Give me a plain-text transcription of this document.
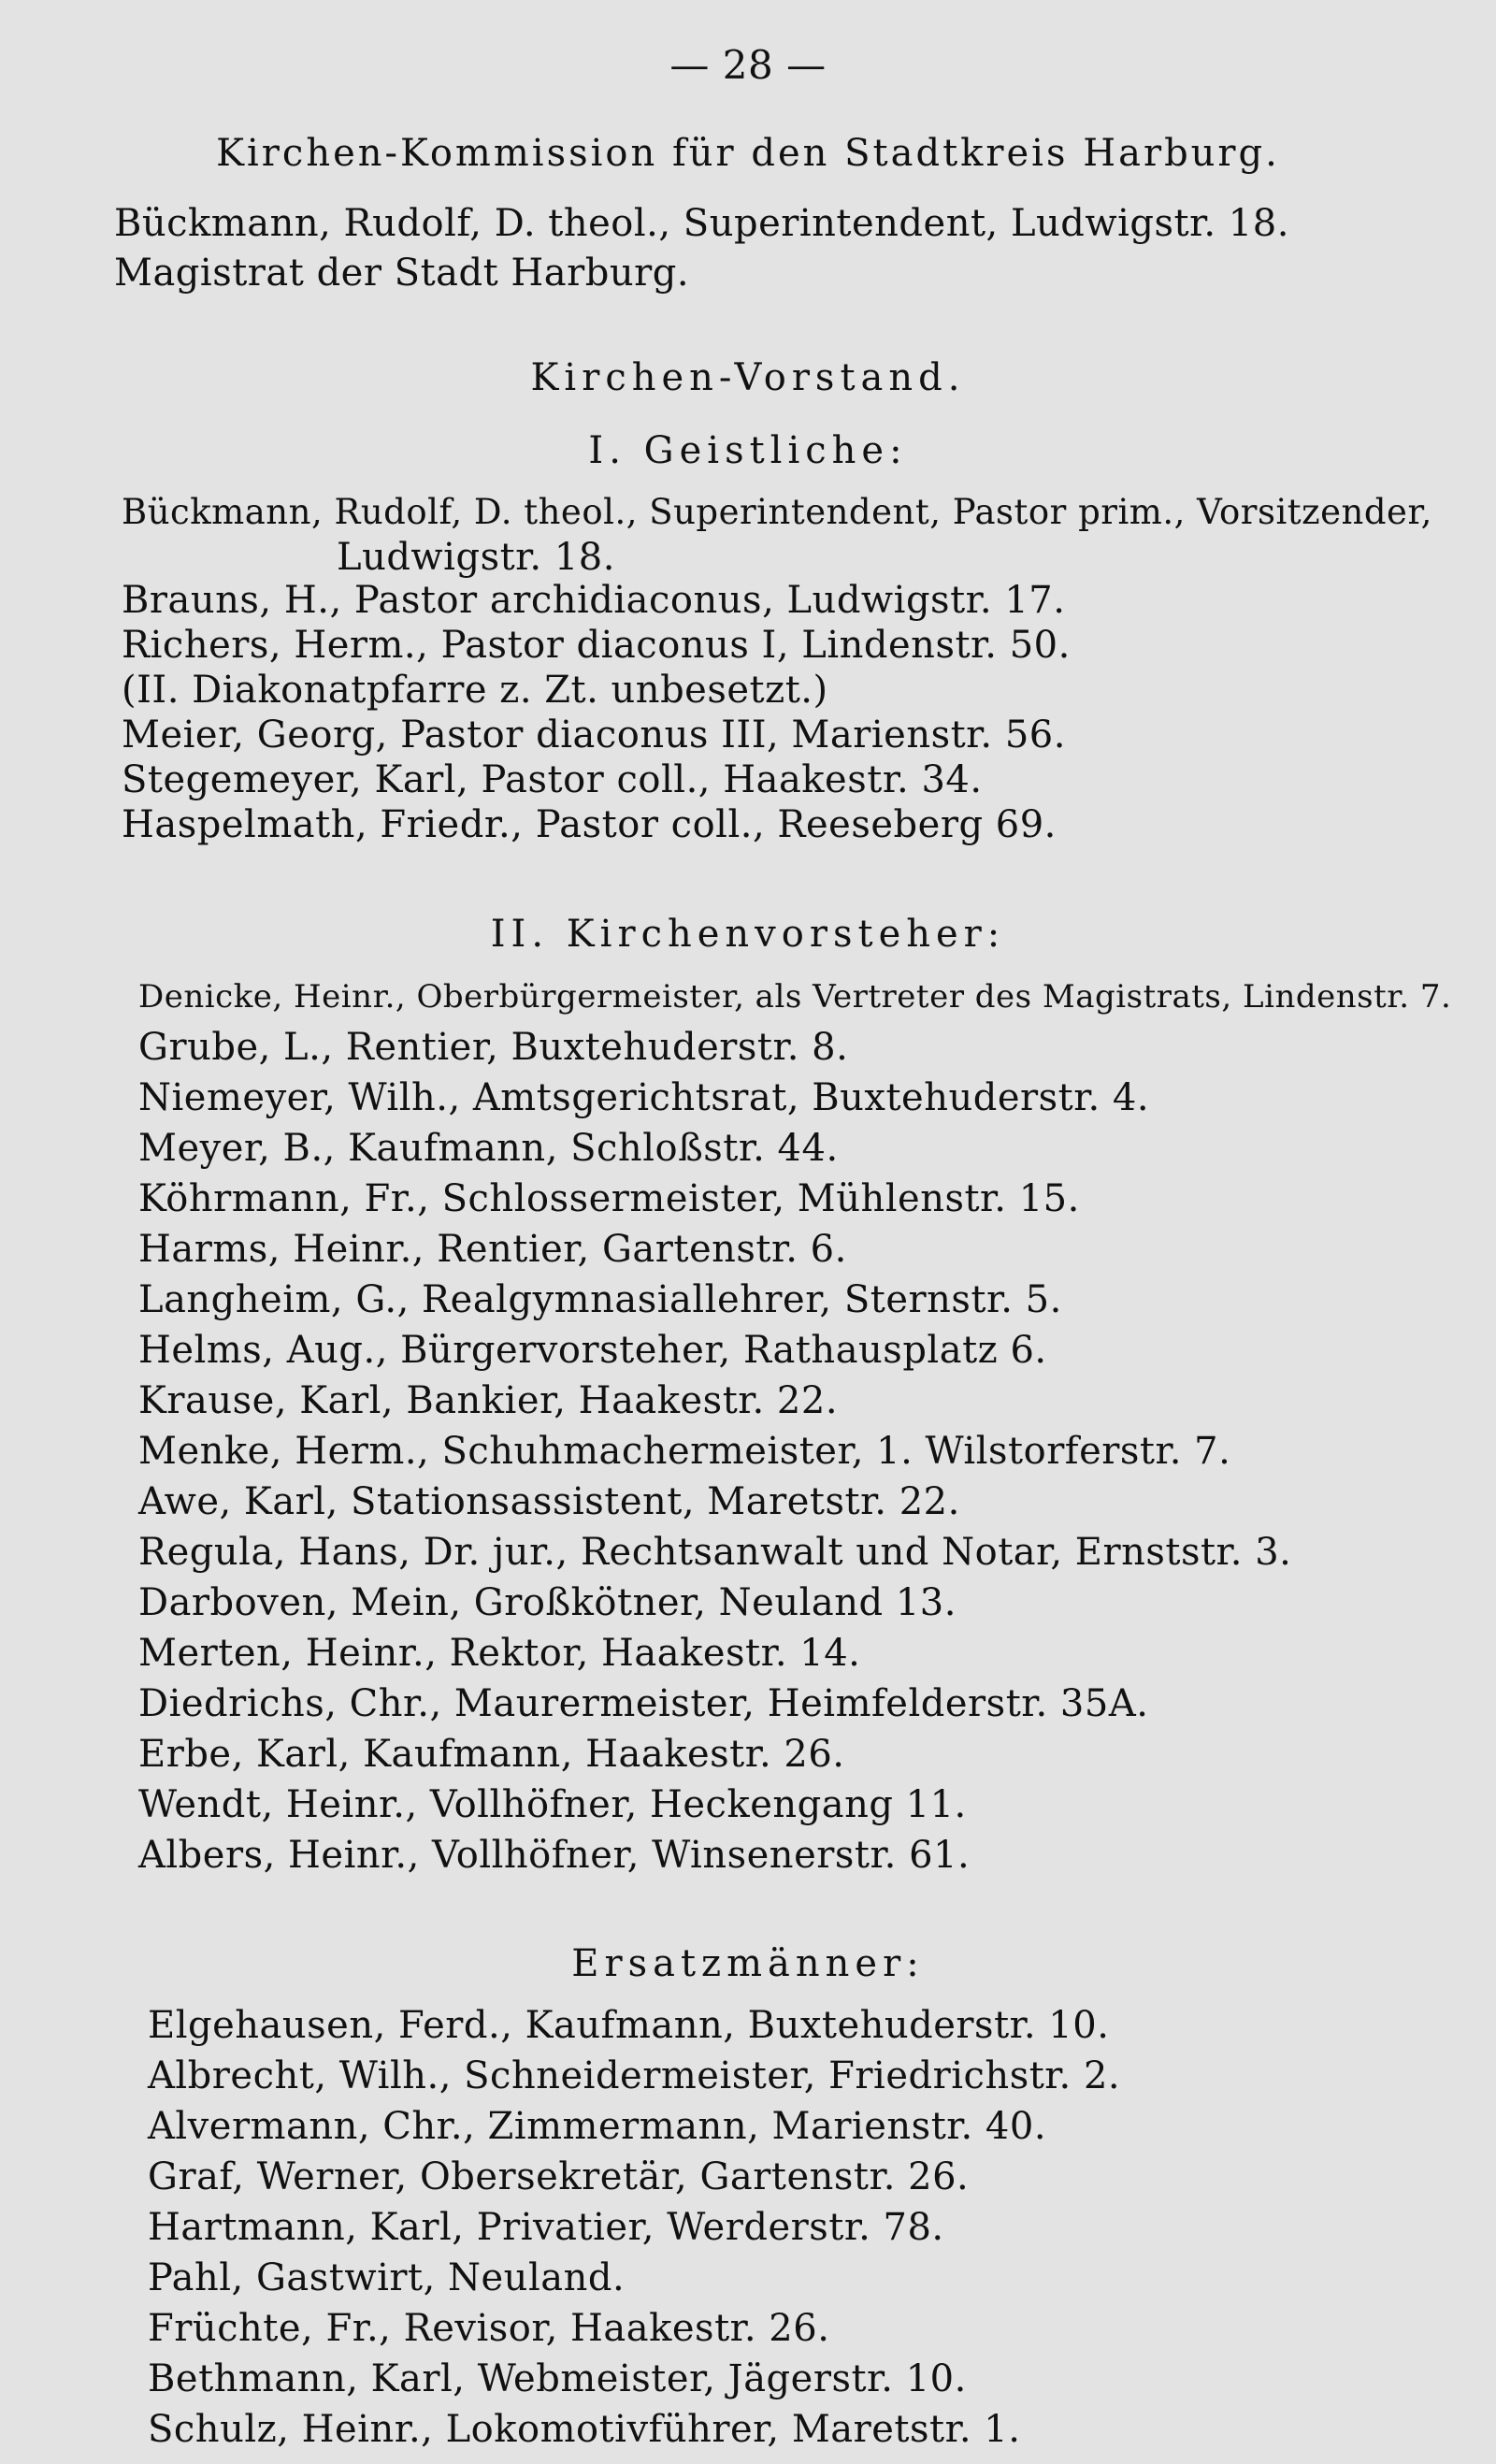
— 28 —
Kirchen-Kommission für den Stadtkreis Harburg.
Bückmann, Rudolf, D. theol., Superintendent, Ludwigstr. 18.
Magistrat der Stadt Harburg.
Kirchen-Vorstand.
I. Geistliche:
Bückmann, Rudolf, D. theol., Superintendent, Pastor prim., Vorsitzender,
Ludwigstr. 18.
Brauns, H., Pastor archidiaconus, Ludwigstr. 17.
Richers, Herm., Pastor diaconus I, Lindenstr. 50.
(II. Diakonatpfarre z. Zt. unbesetzt.)
Meier, Georg, Pastor diaconus III, Marienstr. 56.
Stegemeyer, Karl, Pastor coll., Haakestr. 34.
Haspelmath, Friedr., Pastor coll., Reeseberg 69.
II. Kirchenvorsteher:
Denicke, Heinr., Oberbürgermeister, als Vertreter des Magistrats, Lindenstr. 7.
Grube, L., Rentier, Buxtehuderstr. 8.
Niemeyer, Wilh., Amtsgerichtsrat, Buxtehuderstr. 4.
Meyer, B., Kaufmann, Schloßstr. 44.
Köhrmann, Fr., Schlossermeister, Mühlenstr. 15.
Harms, Heinr., Rentier, Gartenstr. 6.
Langheim, G., Realgymnasiallehrer, Sternstr. 5.
Helms, Aug., Bürgervorsteher, Rathausplatz 6.
Krause, Karl, Bankier, Haakestr. 22.
Menke, Herm., Schuhmachermeister, 1. Wilstorferstr. 7.
Awe, Karl, Stationsassistent, Maretstr. 22.
Regula, Hans, Dr. jur., Rechtsanwalt und Notar, Ernststr. 3.
Darboven, Mein, Großkötner, Neuland 13.
Merten, Heinr., Rektor, Haakestr. 14.
Diedrichs, Chr., Maurermeister, Heimfelderstr. 35A.
Erbe, Karl, Kaufmann, Haakestr. 26.
Wendt, Heinr., Vollhöfner, Heckengang 11.
Albers, Heinr., Vollhöfner, Winsenerstr. 61.
Ersatzmänner:
Elgehausen, Ferd., Kaufmann, Buxtehuderstr. 10.
Albrecht, Wilh., Schneidermeister, Friedrichstr. 2.
Alvermann, Chr., Zimmermann, Marienstr. 40.
Graf, Werner, Obersekretär, Gartenstr. 26.
Hartmann, Karl, Privatier, Werderstr. 78.
Pahl, Gastwirt, Neuland.
Früchte, Fr., Revisor, Haakestr. 26.
Bethmann, Karl, Webmeister, Jägerstr. 10.
Schulz, Heinr., Lokomotivführer, Maretstr. 1.
